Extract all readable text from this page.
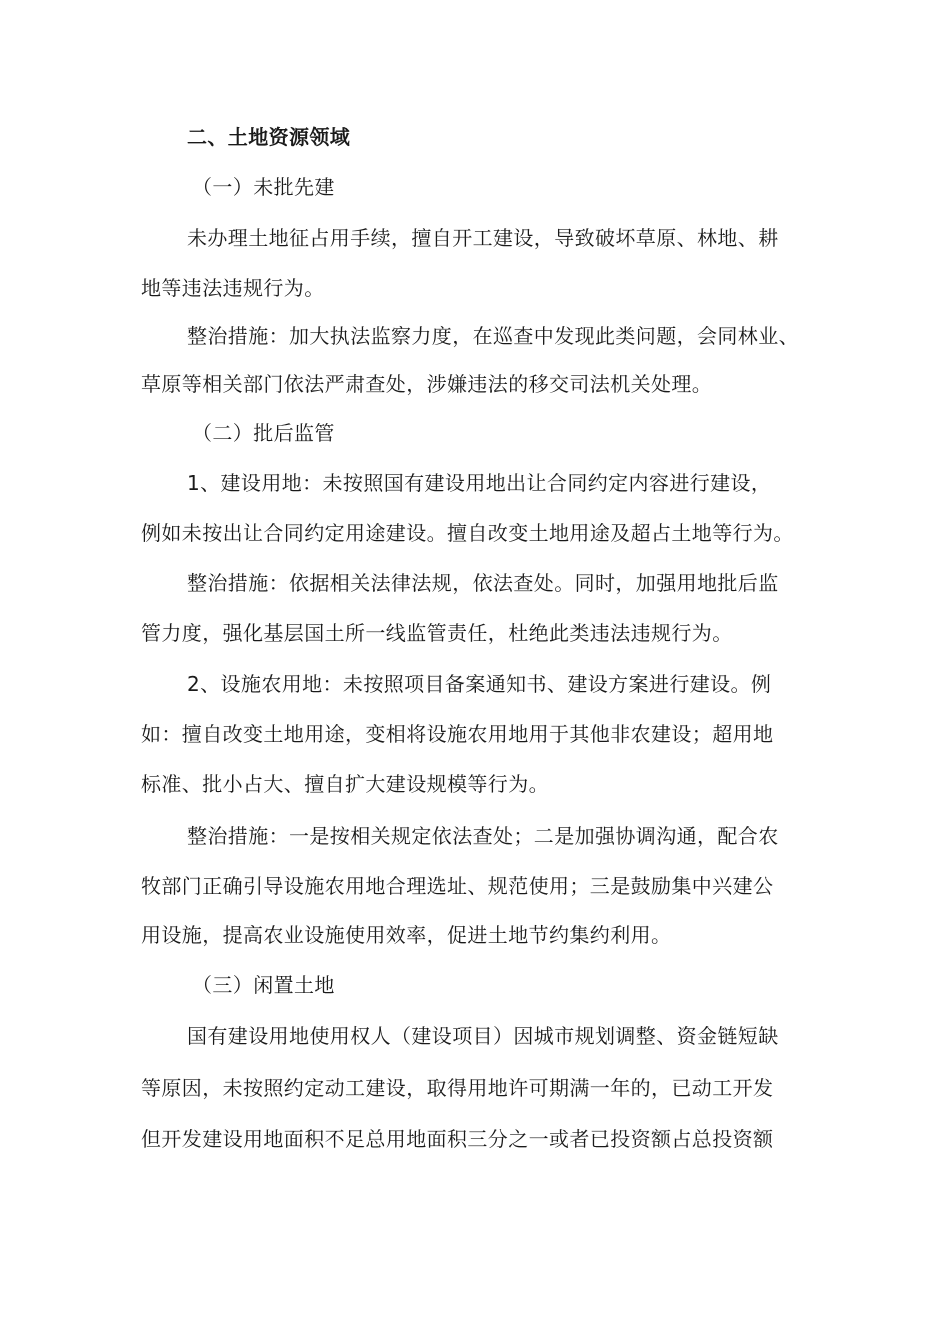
二、土地资源领域
（一）未批先建
未办理土地征占用手续，擅自开工建设，导致破坏草原、林地、耕
地等违法违规行为。
整治措施：加大执法监察力度，在巡查中发现此类问题，会同林业、
草原等相关部门依法严肃查处，涉嫌违法的移交司法机关处理。
（二）批后监管
1、建设用地：未按照国有建设用地出让合同约定内容进行建设，
例如未按出让合同约定用途建设。擅自改变土地用途及超占土地等行为。
整治措施：依据相关法律法规，依法查处。同时，加强用地批后监
管力度，强化基层国土所一线监管责任，杜绝此类违法违规行为。
2、设施农用地：未按照项目备案通知书、建设方案进行建设。例
如：擅自改变土地用途，变相将设施农用地用于其他非农建设；超用地
标准、批小占大、擅自扩大建设规模等行为。
整治措施：一是按相关规定依法查处；二是加强协调沟通，配合农
牧部门正确引导设施农用地合理选址、规范使用；三是鼓励集中兴建公
用设施，提高农业设施使用效率，促进土地节约集约利用。
（三）闲置土地
国有建设用地使用权人（建设项目）因城市规划调整、资金链短缺
等原因，未按照约定动工建设，取得用地许可期满一年的，已动工开发
但开发建设用地面积不足总用地面积三分之一或者已投资额占总投资额
